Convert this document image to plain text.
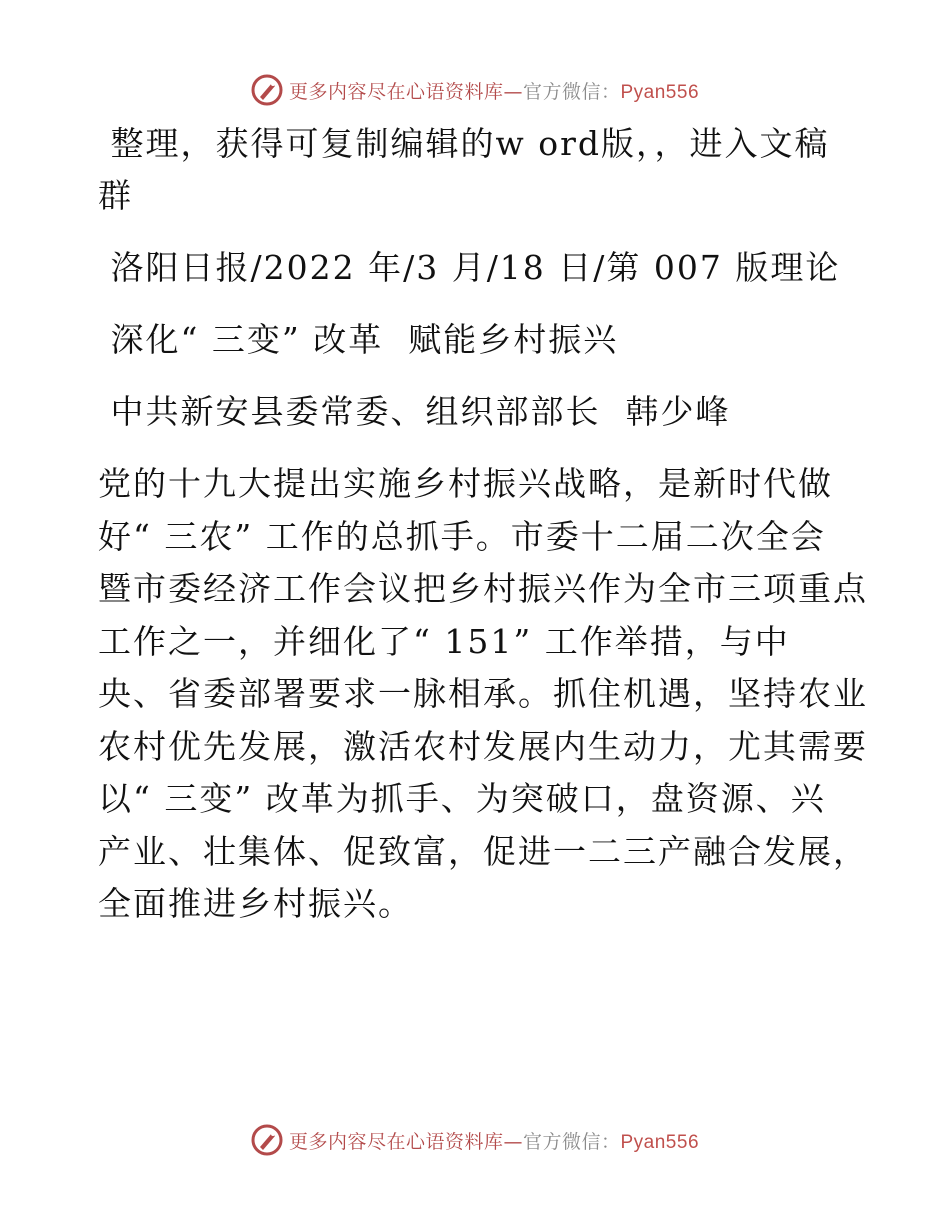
更多内容尽在心语资料库—官方微信：Pyan556

整理，获得可复制编辑的w ord版，，进入文稿

群

洛阳日报/2022 年/3 月/18 日/第 007 版理论

深化“ 三变” 改革  赋能乡村振兴

中共新安县委常委、组织部部长  韩少峰

党的十九大提出实施乡村振兴战略，是新时代做
好“ 三农” 工作的总抓手。市委十二届二次全会
暨市委经济工作会议把乡村振兴作为全市三项重点
工作之一，并细化了“ 151” 工作举措，与中
央、省委部署要求一脉相承。抓住机遇，坚持农业
农村优先发展，激活农村发展内生动力，尤其需要
以“ 三变” 改革为抓手、为突破口，盘资源、兴
产业、壮集体、促致富，促进一二三产融合发展，
全面推进乡村振兴。

更多内容尽在心语资料库—官方微信：Pyan556
